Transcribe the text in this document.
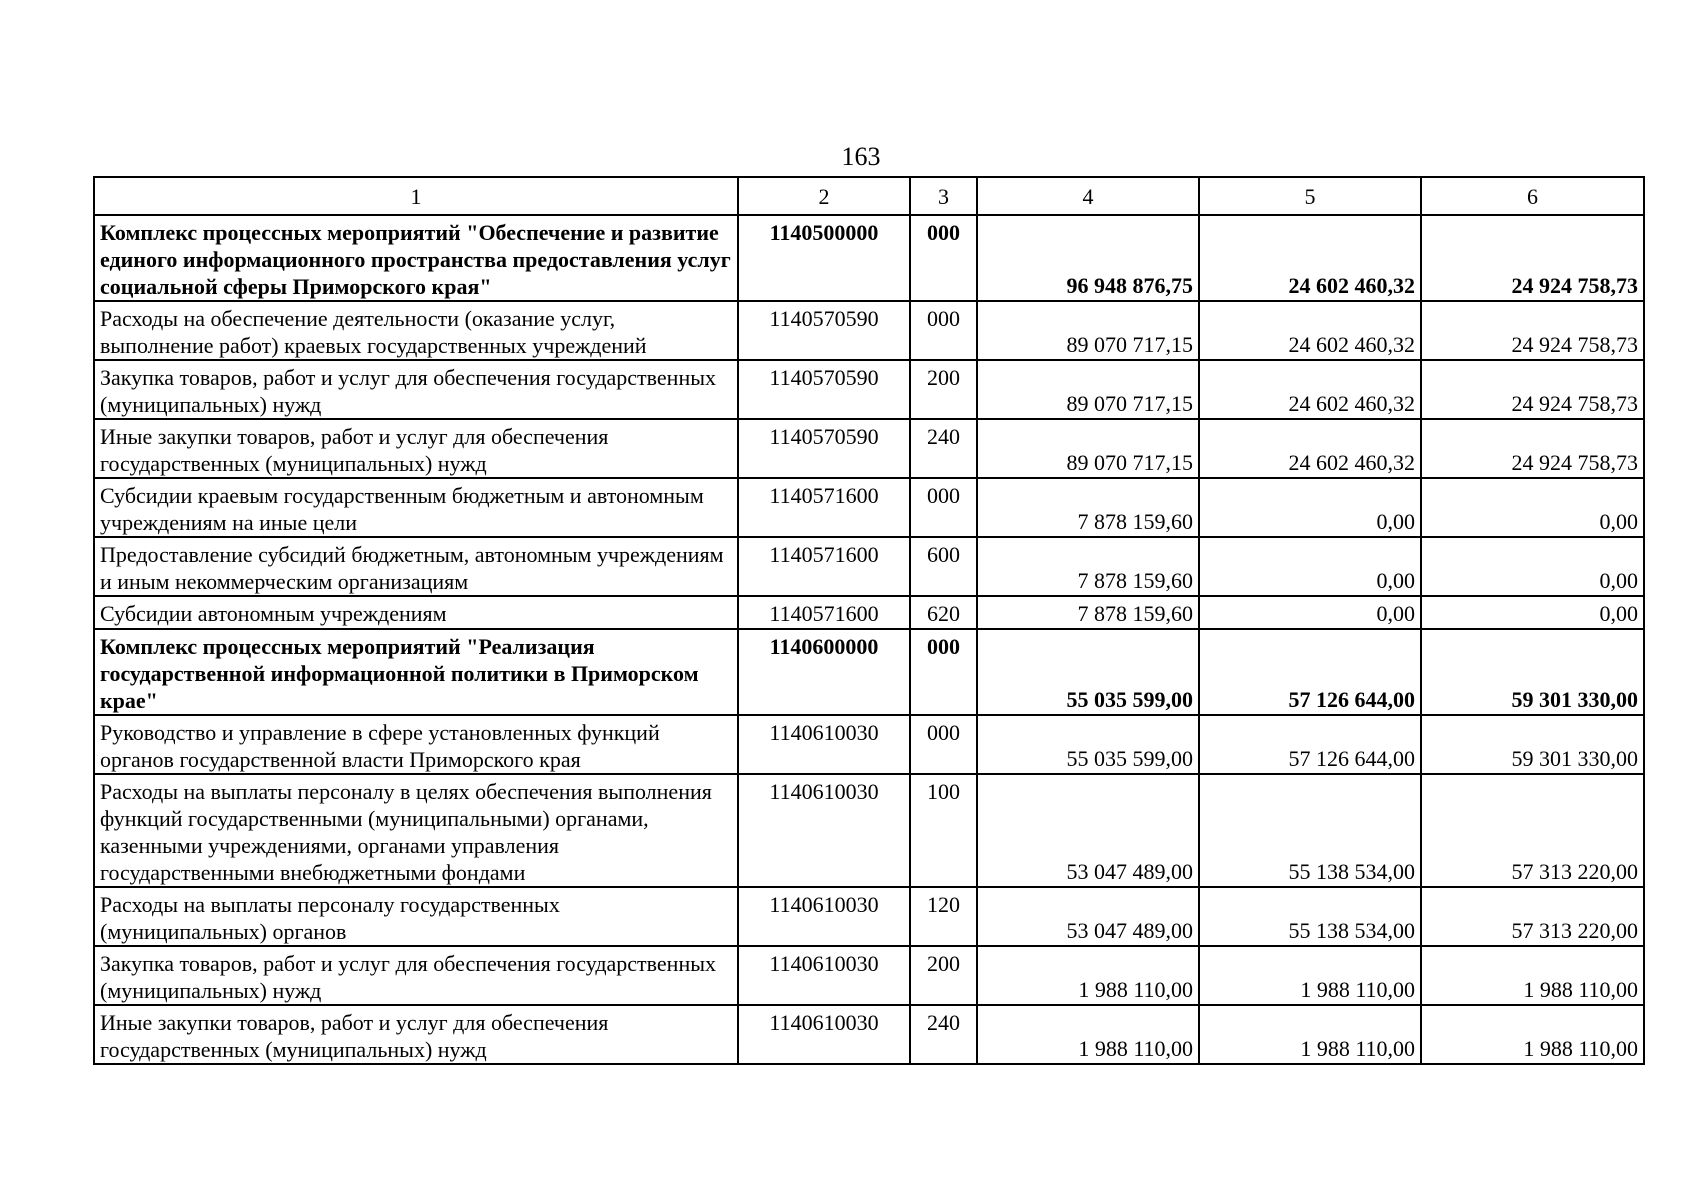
163
1	2	3	4	5	6
Комплекс процессных мероприятий "Обеспечение и развитие единого информационного пространства предоставления услуг социальной сферы Приморского края"	1140500000	000	96 948 876,75	24 602 460,32	24 924 758,73
Расходы на обеспечение деятельности (оказание услуг, выполнение работ) краевых государственных учреждений	1140570590	000	89 070 717,15	24 602 460,32	24 924 758,73
Закупка товаров, работ и услуг для обеспечения государственных (муниципальных) нужд	1140570590	200	89 070 717,15	24 602 460,32	24 924 758,73
Иные закупки товаров, работ и услуг для обеспечения государственных (муниципальных) нужд	1140570590	240	89 070 717,15	24 602 460,32	24 924 758,73
Субсидии краевым государственным бюджетным и автономным учреждениям на иные цели	1140571600	000	7 878 159,60	0,00	0,00
Предоставление субсидий бюджетным, автономным учреждениям и иным некоммерческим организациям	1140571600	600	7 878 159,60	0,00	0,00
Субсидии автономным учреждениям	1140571600	620	7 878 159,60	0,00	0,00
Комплекс процессных мероприятий "Реализация государственной информационной политики в Приморском крае"	1140600000	000	55 035 599,00	57 126 644,00	59 301 330,00
Руководство и управление в сфере установленных функций органов государственной власти Приморского края	1140610030	000	55 035 599,00	57 126 644,00	59 301 330,00
Расходы на выплаты персоналу в целях обеспечения выполнения функций государственными (муниципальными) органами, казенными учреждениями, органами управления государственными внебюджетными фондами	1140610030	100	53 047 489,00	55 138 534,00	57 313 220,00
Расходы на выплаты персоналу государственных (муниципальных) органов	1140610030	120	53 047 489,00	55 138 534,00	57 313 220,00
Закупка товаров, работ и услуг для обеспечения государственных (муниципальных) нужд	1140610030	200	1 988 110,00	1 988 110,00	1 988 110,00
Иные закупки товаров, работ и услуг для обеспечения государственных (муниципальных) нужд	1140610030	240	1 988 110,00	1 988 110,00	1 988 110,00
